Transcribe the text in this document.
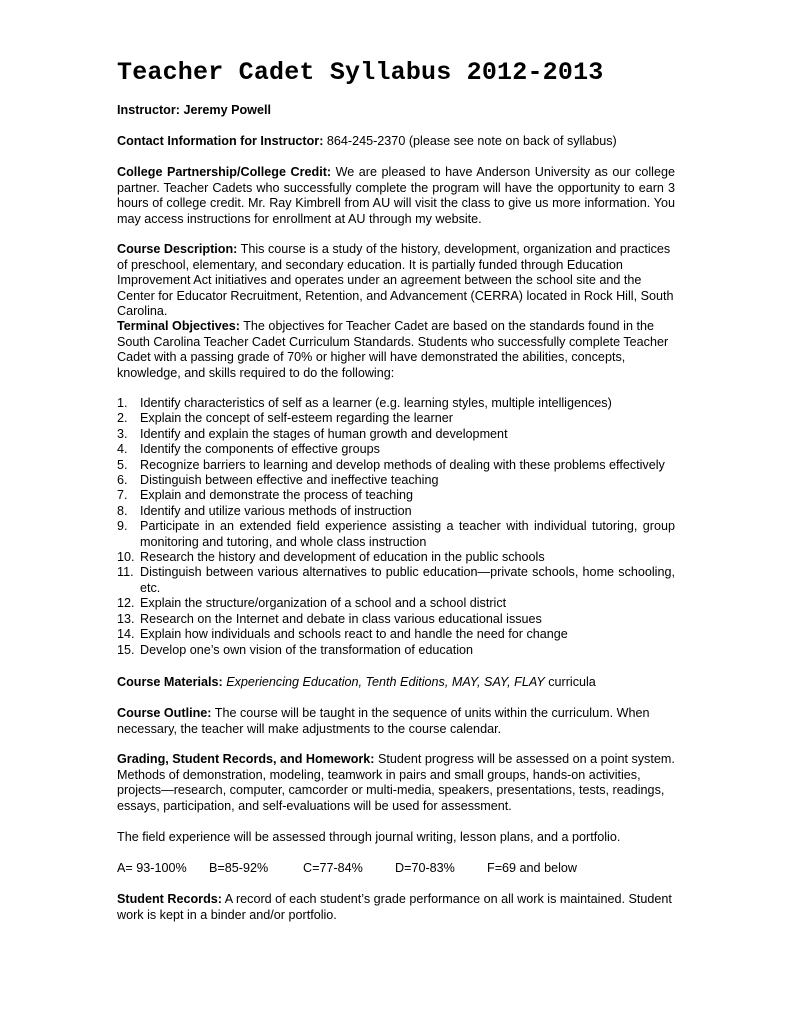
Teacher Cadet Syllabus 2012-2013
Instructor: Jeremy Powell
Contact Information for Instructor: 864-245-2370 (please see note on back of syllabus)
College Partnership/College Credit: We are pleased to have Anderson University as our college partner. Teacher Cadets who successfully complete the program will have the opportunity to earn 3 hours of college credit. Mr. Ray Kimbrell from AU will visit the class to give us more information. You may access instructions for enrollment at AU through my website.
Course Description: This course is a study of the history, development, organization and practices of preschool, elementary, and secondary education. It is partially funded through Education Improvement Act initiatives and operates under an agreement between the school site and the Center for Educator Recruitment, Retention, and Advancement (CERRA) located in Rock Hill, South Carolina.
Terminal Objectives: The objectives for Teacher Cadet are based on the standards found in the South Carolina Teacher Cadet Curriculum Standards. Students who successfully complete Teacher Cadet with a passing grade of 70% or higher will have demonstrated the abilities, concepts, knowledge, and skills required to do the following:
1. Identify characteristics of self as a learner (e.g. learning styles, multiple intelligences)
2. Explain the concept of self-esteem regarding the learner
3. Identify and explain the stages of human growth and development
4. Identify the components of effective groups
5. Recognize barriers to learning and develop methods of dealing with these problems effectively
6. Distinguish between effective and ineffective teaching
7. Explain and demonstrate the process of teaching
8. Identify and utilize various methods of instruction
9. Participate in an extended field experience assisting a teacher with individual tutoring, group monitoring and tutoring, and whole class instruction
10. Research the history and development of education in the public schools
11. Distinguish between various alternatives to public education—private schools, home schooling, etc.
12. Explain the structure/organization of a school and a school district
13. Research on the Internet and debate in class various educational issues
14. Explain how individuals and schools react to and handle the need for change
15. Develop one’s own vision of the transformation of education
Course Materials: Experiencing Education, Tenth Editions, MAY, SAY, FLAY curricula
Course Outline: The course will be taught in the sequence of units within the curriculum. When necessary, the teacher will make adjustments to the course calendar.
Grading, Student Records, and Homework: Student progress will be assessed on a point system. Methods of demonstration, modeling, teamwork in pairs and small groups, hands-on activities, projects—research, computer, camcorder or multi-media, speakers, presentations, tests, readings, essays, participation, and self-evaluations will be used for assessment.
The field experience will be assessed through journal writing, lesson plans, and a portfolio.
A= 93-100% B=85-92%	C=77-84%	D=70-83%	F=69 and below
Student Records: A record of each student’s grade performance on all work is maintained. Student work is kept in a binder and/or portfolio.
